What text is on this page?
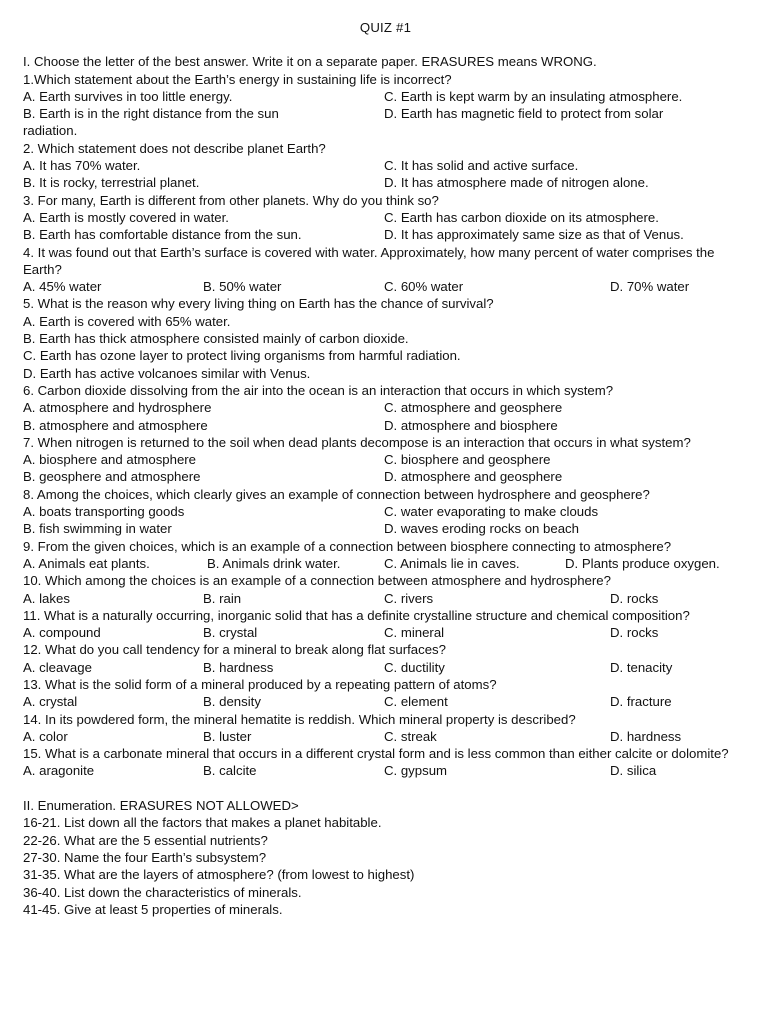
QUIZ #1
I. Choose the letter of the best answer. Write it on a separate paper. ERASURES means WRONG.
1.Which statement about the Earth’s energy in sustaining life is incorrect?
A. Earth survives in too little energy.	C. Earth is kept warm by an insulating atmosphere.
B. Earth is in the right distance from the sun	D. Earth has magnetic field to protect from solar
radiation.
2. Which statement does not describe planet Earth?
A. It has 70% water.	C. It has solid and active surface.
B. It is rocky, terrestrial planet.	D. It has atmosphere made of nitrogen alone.
3. For many, Earth is different from other planets. Why do you think so?
A. Earth is mostly covered in water.	C. Earth has carbon dioxide on its atmosphere.
B. Earth has comfortable distance from the sun.	D. It has approximately same size as that of Venus.
4. It was found out that Earth’s surface is covered with water. Approximately, how many percent of water comprises the Earth?
A. 45% water	B. 50% water	C. 60% water	D. 70% water
5. What is the reason why every living thing on Earth has the chance of survival?
A. Earth is covered with 65% water.
B. Earth has thick atmosphere consisted mainly of carbon dioxide.
C. Earth has ozone layer to protect living organisms from harmful radiation.
D. Earth has active volcanoes similar with Venus.
6. Carbon dioxide dissolving from the air into the ocean is an interaction that occurs in which system?
A. atmosphere and hydrosphere	C. atmosphere and geosphere
B. atmosphere and atmosphere	D. atmosphere and biosphere
7. When nitrogen is returned to the soil when dead plants decompose is an interaction that occurs in what system?
A. biosphere and atmosphere	C. biosphere and geosphere
B. geosphere and atmosphere	D. atmosphere and geosphere
8. Among the choices, which clearly gives an example of connection between hydrosphere and geosphere?
A. boats transporting goods	C. water evaporating to make clouds
B. fish swimming in water	D. waves eroding rocks on beach
9. From the given choices, which is an example of a connection between biosphere connecting to atmosphere?
A. Animals eat plants.	B. Animals drink water.	C. Animals lie in caves.	D. Plants produce oxygen.
10. Which among the choices is an example of a connection between atmosphere and hydrosphere?
A. lakes	B. rain	C. rivers	D. rocks
11. What is a naturally occurring, inorganic solid that has a definite crystalline structure and chemical composition?
A. compound	B. crystal	C. mineral	D. rocks
12. What do you call tendency for a mineral to break along flat surfaces?
A. cleavage	B. hardness	C. ductility	D. tenacity
13. What is the solid form of a mineral produced by a repeating pattern of atoms?
A. crystal	B. density	C. element	D. fracture
14. In its powdered form, the mineral hematite is reddish. Which mineral property is described?
A. color	B. luster	C. streak	D. hardness
15. What is a carbonate mineral that occurs in a different crystal form and is less common than either calcite or dolomite?
A. aragonite	B. calcite	C. gypsum	D. silica
II. Enumeration. ERASURES NOT ALLOWED>
16-21. List down all the factors that makes a planet habitable.
22-26. What are the 5 essential nutrients?
27-30. Name the four Earth’s subsystem?
31-35. What are the layers of atmosphere? (from lowest to highest)
36-40. List down the characteristics of minerals.
41-45. Give at least 5 properties of minerals.
